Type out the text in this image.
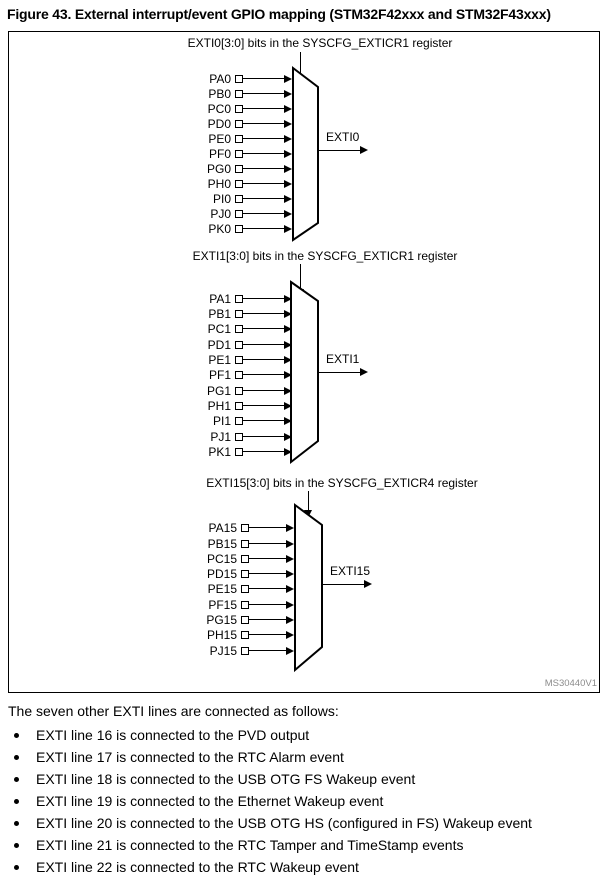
Figure 43. External interrupt/event GPIO mapping (STM32F42xxx and STM32F43xxx)
EXTI0[3:0] bits in the SYSCFG_EXTICR1 register
PA0
PB0
PC0
PD0
PE0
PF0
PG0
PH0
PI0
PJ0
PK0
EXTI0
EXTI1[3:0] bits in the SYSCFG_EXTICR1 register
PA1
PB1
PC1
PD1
PE1
PF1
PG1
PH1
PI1
PJ1
PK1
EXTI1
EXTI15[3:0] bits in the SYSCFG_EXTICR4 register
PA15
PB15
PC15
PD15
PE15
PF15
PG15
PH15
PJ15
EXTI15
MS30440V1
The seven other EXTI lines are connected as follows:
EXTI line 16 is connected to the PVD output
EXTI line 17 is connected to the RTC Alarm event
EXTI line 18 is connected to the USB OTG FS Wakeup event
EXTI line 19 is connected to the Ethernet Wakeup event
EXTI line 20 is connected to the USB OTG HS (configured in FS) Wakeup event
EXTI line 21 is connected to the RTC Tamper and TimeStamp events
EXTI line 22 is connected to the RTC Wakeup event
